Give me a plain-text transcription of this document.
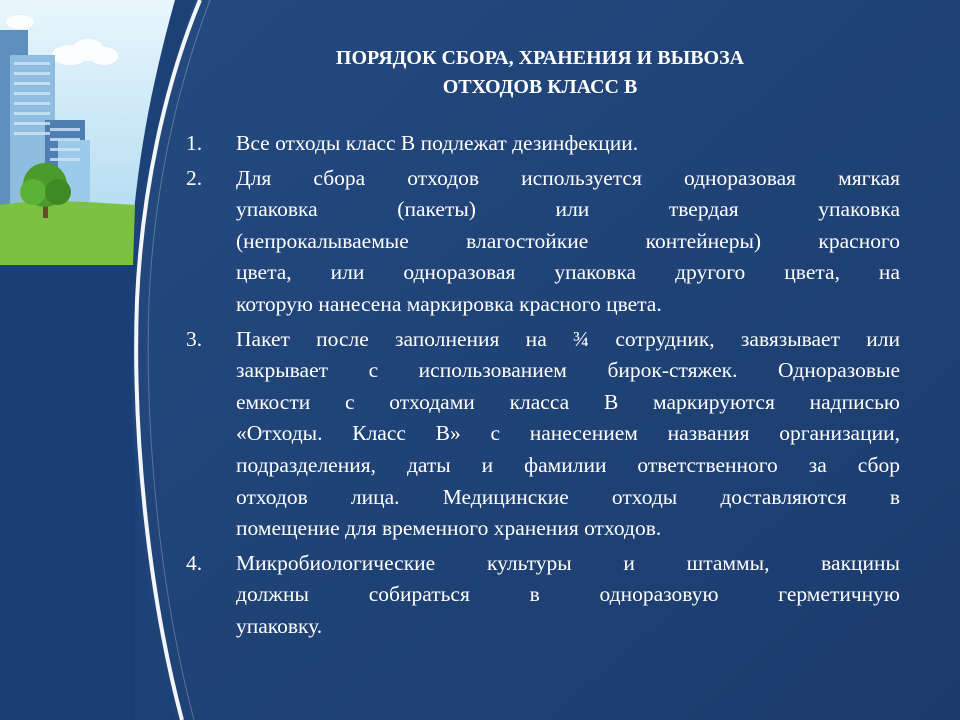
ПОРЯДОК СБОРА, ХРАНЕНИЯ И ВЫВОЗА
ОТХОДОВ КЛАСС В
1. Все отходы класс В подлежат дезинфекции.
2. Для сбора отходов используется одноразовая мягкая
упаковка (пакеты) или твердая упаковка
(непрокалываемые влагостойкие контейнеры) красного
цвета, или одноразовая упаковка другого цвета, на
которую нанесена маркировка красного цвета.
3. Пакет после заполнения на ¾ сотрудник, завязывает или
закрывает с использованием бирок-стяжек. Одноразовые
емкости с отходами класса В маркируются надписью
«Отходы. Класс В» с нанесением названия организации,
подразделения, даты и фамилии ответственного за сбор
отходов лица. Медицинские отходы доставляются в
помещение для временного хранения отходов.
4. Микробиологические культуры и штаммы, вакцины
должны собираться в одноразовую герметичную
упаковку.
